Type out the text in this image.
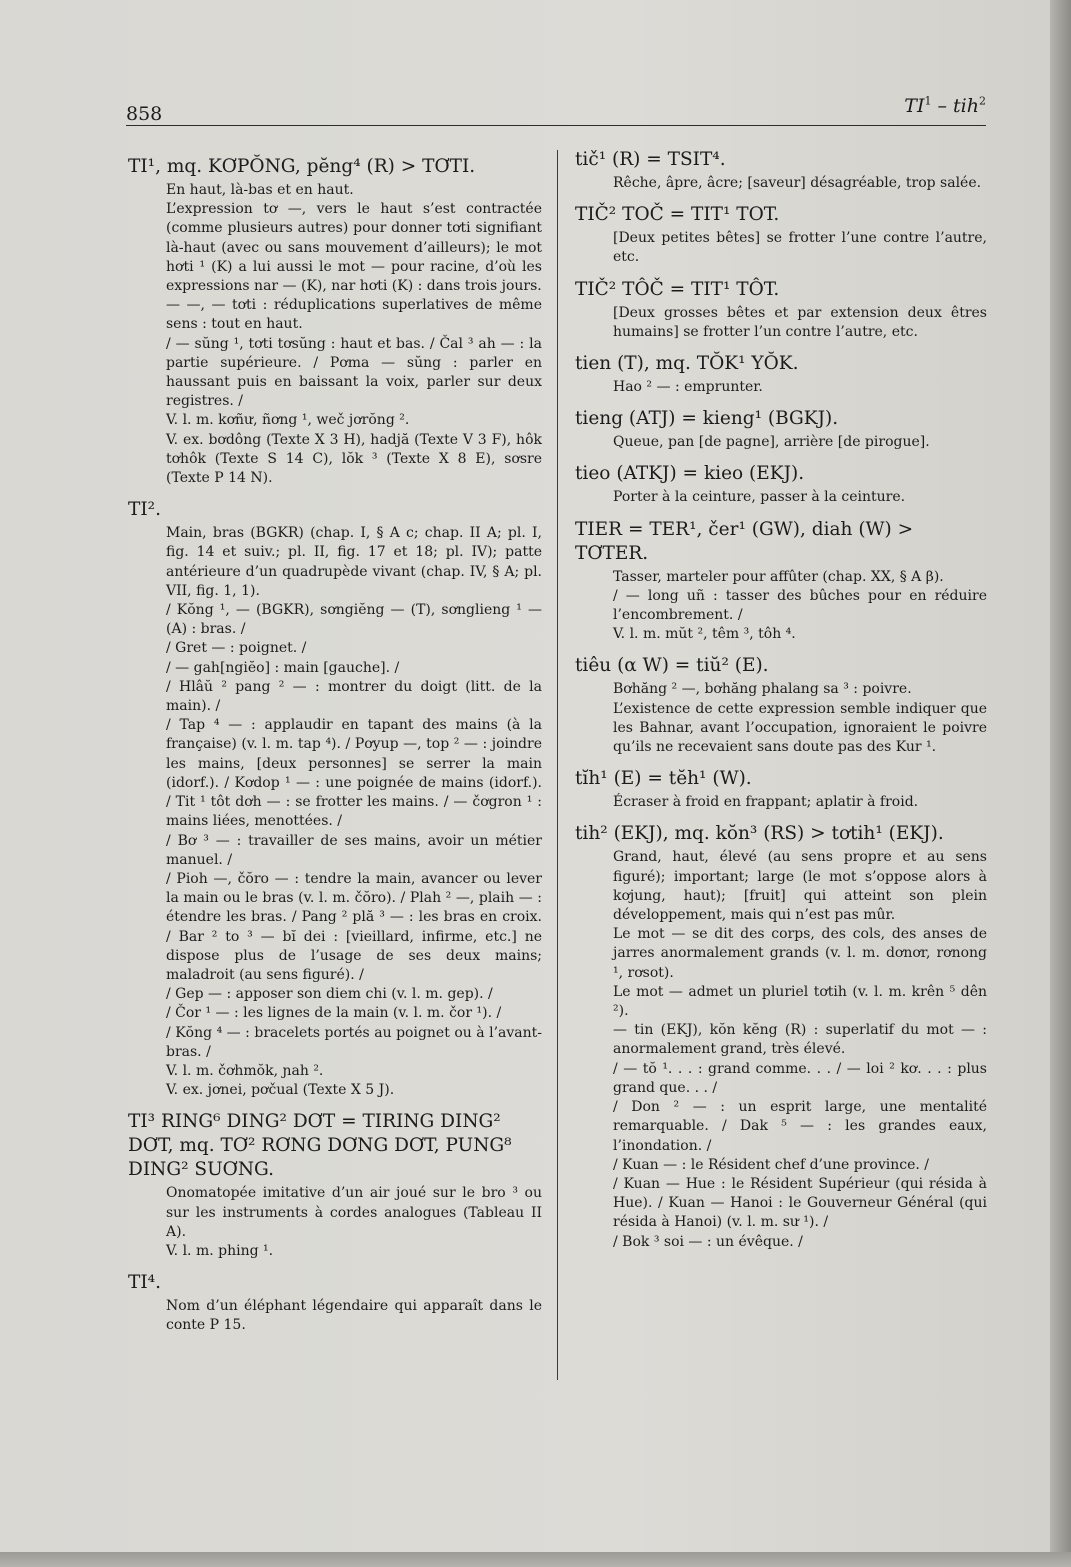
858	$TI^1 - tih^2$
TI¹, mq. KƠPŎNG, pĕng⁴ (R) > TƠTI.

En haut, là-bas et en haut.

L’expression tơ —, vers le haut s’est contractée (comme plusieurs autres) pour donner tơti signifiant là-haut (avec ou sans mouvement d’ailleurs); le mot hơti ¹ (K) a lui aussi le mot — pour racine, d’où les expressions nar — (K), nar hơti (K) : dans trois jours.

— —, — tơti : réduplications superlatives de même sens : tout en haut.

/ — sŭng ¹, tơti tơsŭng : haut et bas. / Čal ³ ah — : la partie supérieure. / Pơma — sŭng : parler en haussant puis en baissant la voix, parler sur deux registres. /

V. l. m. kơñư, ñơng ¹, weč jơrŏng ².

V. ex. bơdông (Texte X 3 H), hadjă (Texte V 3 F), hôk tơhôk (Texte S 14 C), lŏk ³ (Texte X 8 E), sơsre (Texte P 14 N).

TI².

Main, bras (BGKR) (chap. I, § A c; chap. II A; pl. I, fig. 14 et suiv.; pl. II, fig. 17 et 18; pl. IV); patte antérieure d’un quadrupède vivant (chap. IV, § A; pl. VII, fig. 1, 1).

/ Kŏng ¹, — (BGKR), sơngiĕng — (T), sơnglieng ¹ — (A) : bras. /

/ Gret — : poignet. /

/ — gah[ngiĕo] : main [gauche]. /

/ Hlâŭ ² pang ² — : montrer du doigt (litt. de la main). /

/ Tap ⁴ — : applaudir en tapant des mains (à la française) (v. l. m. tap ⁴). / Pơyup —, top ² — : joindre les mains, [deux personnes] se serrer la main (idorf.). / Kơdop ¹ — : une poignée de mains (idorf.). / Tit ¹ tôt dơh — : se frotter les mains. / — čơgron ¹ : mains liées, menottées. /

/ Bơ ³ — : travailler de ses mains, avoir un métier manuel. /

/ Pioh —, čŏro — : tendre la main, avancer ou lever la main ou le bras (v. l. m. čŏro). / Plah ² —, plaih — : étendre les bras. / Pang ² plă ³ — : les bras en croix. / Bar ² to ³ — bĭ dei : [vieillard, infirme, etc.] ne dispose plus de l’usage de ses deux mains; maladroit (au sens figuré). /

/ Gep — : apposer son diem chi (v. l. m. gep). /

/ Čor ¹ — : les lignes de la main (v. l. m. čor ¹). /

/ Kŏng ⁴ — : bracelets portés au poignet ou à l’avant-bras. /

V. l. m. čơhmŏk, ɲah ².

V. ex. jơnei, pơčual (Texte X 5 J).

TI³ RING⁶ DING² DƠT = TIRING DING² DƠT, mq. TƠ² RƠNG DƠNG DƠT, PUNG⁸ DING² SUƠNG.

Onomatopée imitative d’un air joué sur le bro ³ ou sur les instruments à cordes analogues (Tableau II A).

V. l. m. phing ¹.

TI⁴.

Nom d’un éléphant légendaire qui apparaît dans le conte P 15.

tič¹ (R) = TSIT⁴.

Rêche, âpre, âcre; [saveur] désagréable, trop salée.

TIČ² TOČ = TIT¹ TOT.

[Deux petites bêtes] se frotter l’une contre l’autre, etc.

TIČ² TÔČ = TIT¹ TÔT.

[Deux grosses bêtes et par extension deux êtres humains] se frotter l’un contre l’autre, etc.

tien (T), mq. TŎK¹ YŎK.

Hao ² — : emprunter.

tieng (ATJ) = kieng¹ (BGKJ).

Queue, pan [de pagne], arrière [de pirogue].

tieo (ATKJ) = kieo (EKJ).

Porter à la ceinture, passer à la ceinture.

TIER = TER¹, čer¹ (GW), diah (W) > TƠTER.

Tasser, marteler pour affûter (chap. XX, § A β).

/ — long uñ : tasser des bûches pour en réduire l’encombrement. /

V. l. m. mŭt ², têm ³, tôh ⁴.

tiêu (α W) = tiŭ² (E).

Bơhăng ² —, bơhăng phalang sa ³ : poivre.

L’existence de cette expression semble indiquer que les Bahnar, avant l’occupation, ignoraient le poivre qu’ils ne recevaient sans doute pas des Kur ¹.

tĭh¹ (E) = tĕh¹ (W).

Écraser à froid en frappant; aplatir à froid.

tih² (EKJ), mq. kŏn³ (RS) > tơtih¹ (EKJ).

Grand, haut, élevé (au sens propre et au sens figuré); important; large (le mot s’oppose alors à kơjung, haut); [fruit] qui atteint son plein développement, mais qui n’est pas mûr.

Le mot — se dit des corps, des cols, des anses de jarres anormalement grands (v. l. m. dơnơr, rơnong ¹, rơsot).

Le mot — admet un pluriel tơtih (v. l. m. krên ⁵ dên ²).

— tin (EKJ), kŏn kĕng (R) : superlatif du mot — : anormalement grand, très élevé.

/ — tŏ ¹. . . : grand comme. . . / — loi ² kơ. . . : plus grand que. . . /

/ Don ² — : un esprit large, une mentalité remarquable. / Dak ⁵ — : les grandes eaux, l’inondation. /

/ Kuan — : le Résident chef d’une province. /

/ Kuan — Hue : le Résident Supérieur (qui résida à Hue). / Kuan — Hanoi : le Gouverneur Général (qui résida à Hanoi) (v. l. m. sư ¹). /

/ Bok ³ soi — : un évêque. /
